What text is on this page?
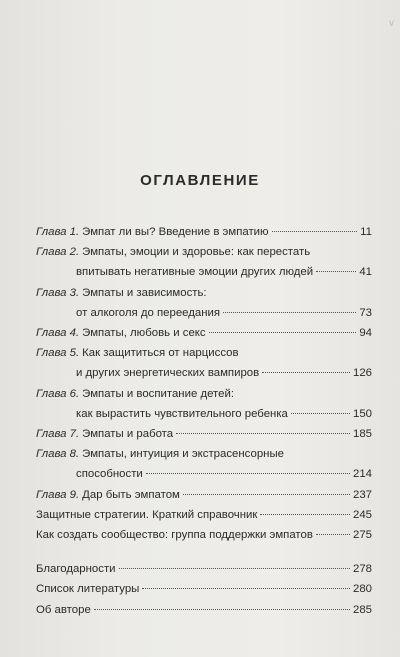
v
ОГЛАВЛЕНИЕ
Глава 1. Эмпат ли вы? Введение в эмпатию	11
Глава 2. Эмпаты, эмоции и здоровье: как перестать
впитывать негативные эмоции других людей	41
Глава 3. Эмпаты и зависимость:
от алкоголя до переедания	73
Глава 4. Эмпаты, любовь и секс	94
Глава 5. Как защититься от нарциссов
и других энергетических вампиров	126
Глава 6. Эмпаты и воспитание детей:
как вырастить чувствительного ребенка	150
Глава 7. Эмпаты и работа	185
Глава 8. Эмпаты, интуиция и экстрасенсорные
способности	214
Глава 9. Дар быть эмпатом	237
Защитные стратегии. Краткий справочник	245
Как создать сообщество: группа поддержки эмпатов	275
Благодарности	278
Список литературы	280
Об авторе	285
